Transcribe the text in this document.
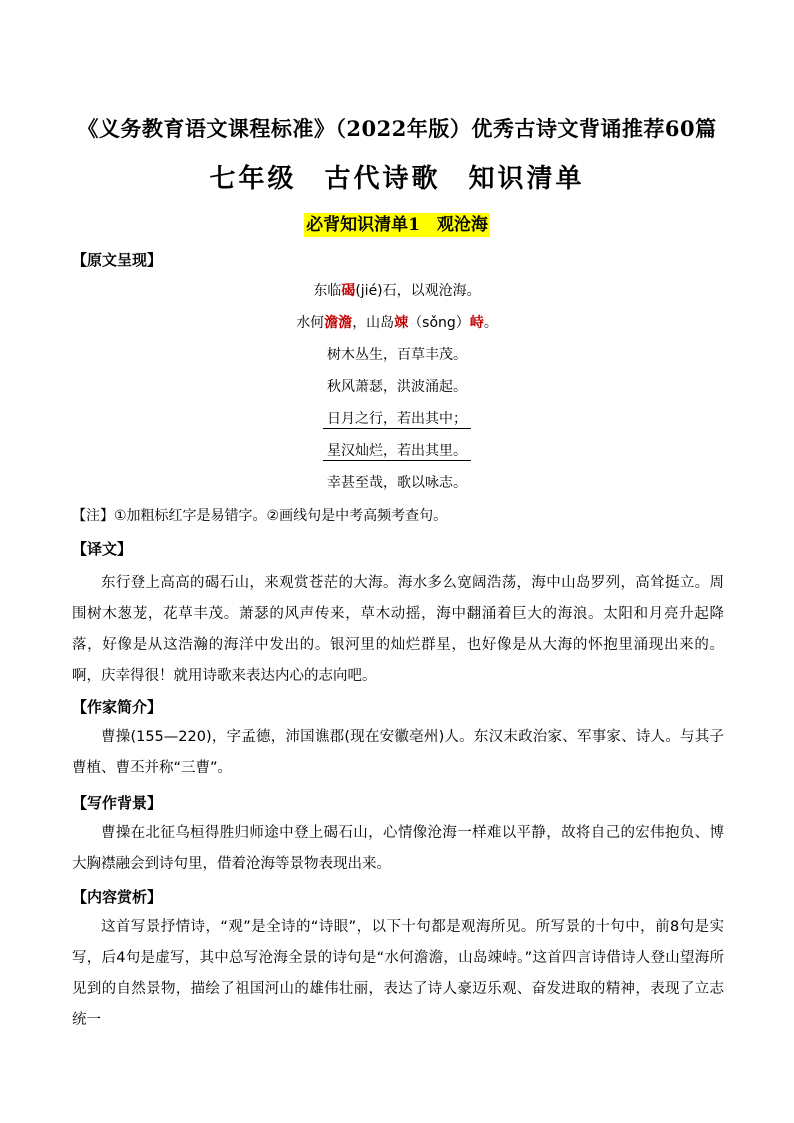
《义务教育语文课程标准》（2022年版）优秀古诗文背诵推荐60篇
七年级 古代诗歌 知识清单
必背知识清单1　观沧海
【原文呈现】
东临碣(jié)石，以观沧海。
水何澹澹，山岛竦（sǒng）峙。
树木丛生，百草丰茂。
秋风萧瑟，洪波涌起。
日月之行，若出其中；
星汉灿烂，若出其里。
幸甚至哉，歌以咏志。
【注】①加粗标红字是易错字。②画线句是中考高频考查句。
【译文】
东行登上高高的碣石山，来观赏苍茫的大海。海水多么宽阔浩荡，海中山岛罗列，高耸挺立。周围树木葱茏，花草丰茂。萧瑟的风声传来，草木动摇，海中翻涌着巨大的海浪。太阳和月亮升起降落，好像是从这浩瀚的海洋中发出的。银河里的灿烂群星，也好像是从大海的怀抱里涌现出来的。啊，庆幸得很！就用诗歌来表达内心的志向吧。
【作家简介】
曹操(155—220)，字孟德，沛国谯郡(现在安徽亳州)人。东汉末政治家、军事家、诗人。与其子曹植、曹丕并称“三曹”。
【写作背景】
曹操在北征乌桓得胜归师途中登上碣石山，心情像沧海一样难以平静，故将自己的宏伟抱负、博大胸襟融会到诗句里，借着沧海等景物表现出来。
【内容赏析】
这首写景抒情诗，“观”是全诗的“诗眼”，以下十句都是观海所见。所写景的十句中，前8句是实写，后4句是虚写，其中总写沧海全景的诗句是“水何澹澹，山岛竦峙。”这首四言诗借诗人登山望海所见到的自然景物，描绘了祖国河山的雄伟壮丽，表达了诗人豪迈乐观、奋发进取的精神，表现了立志统一
